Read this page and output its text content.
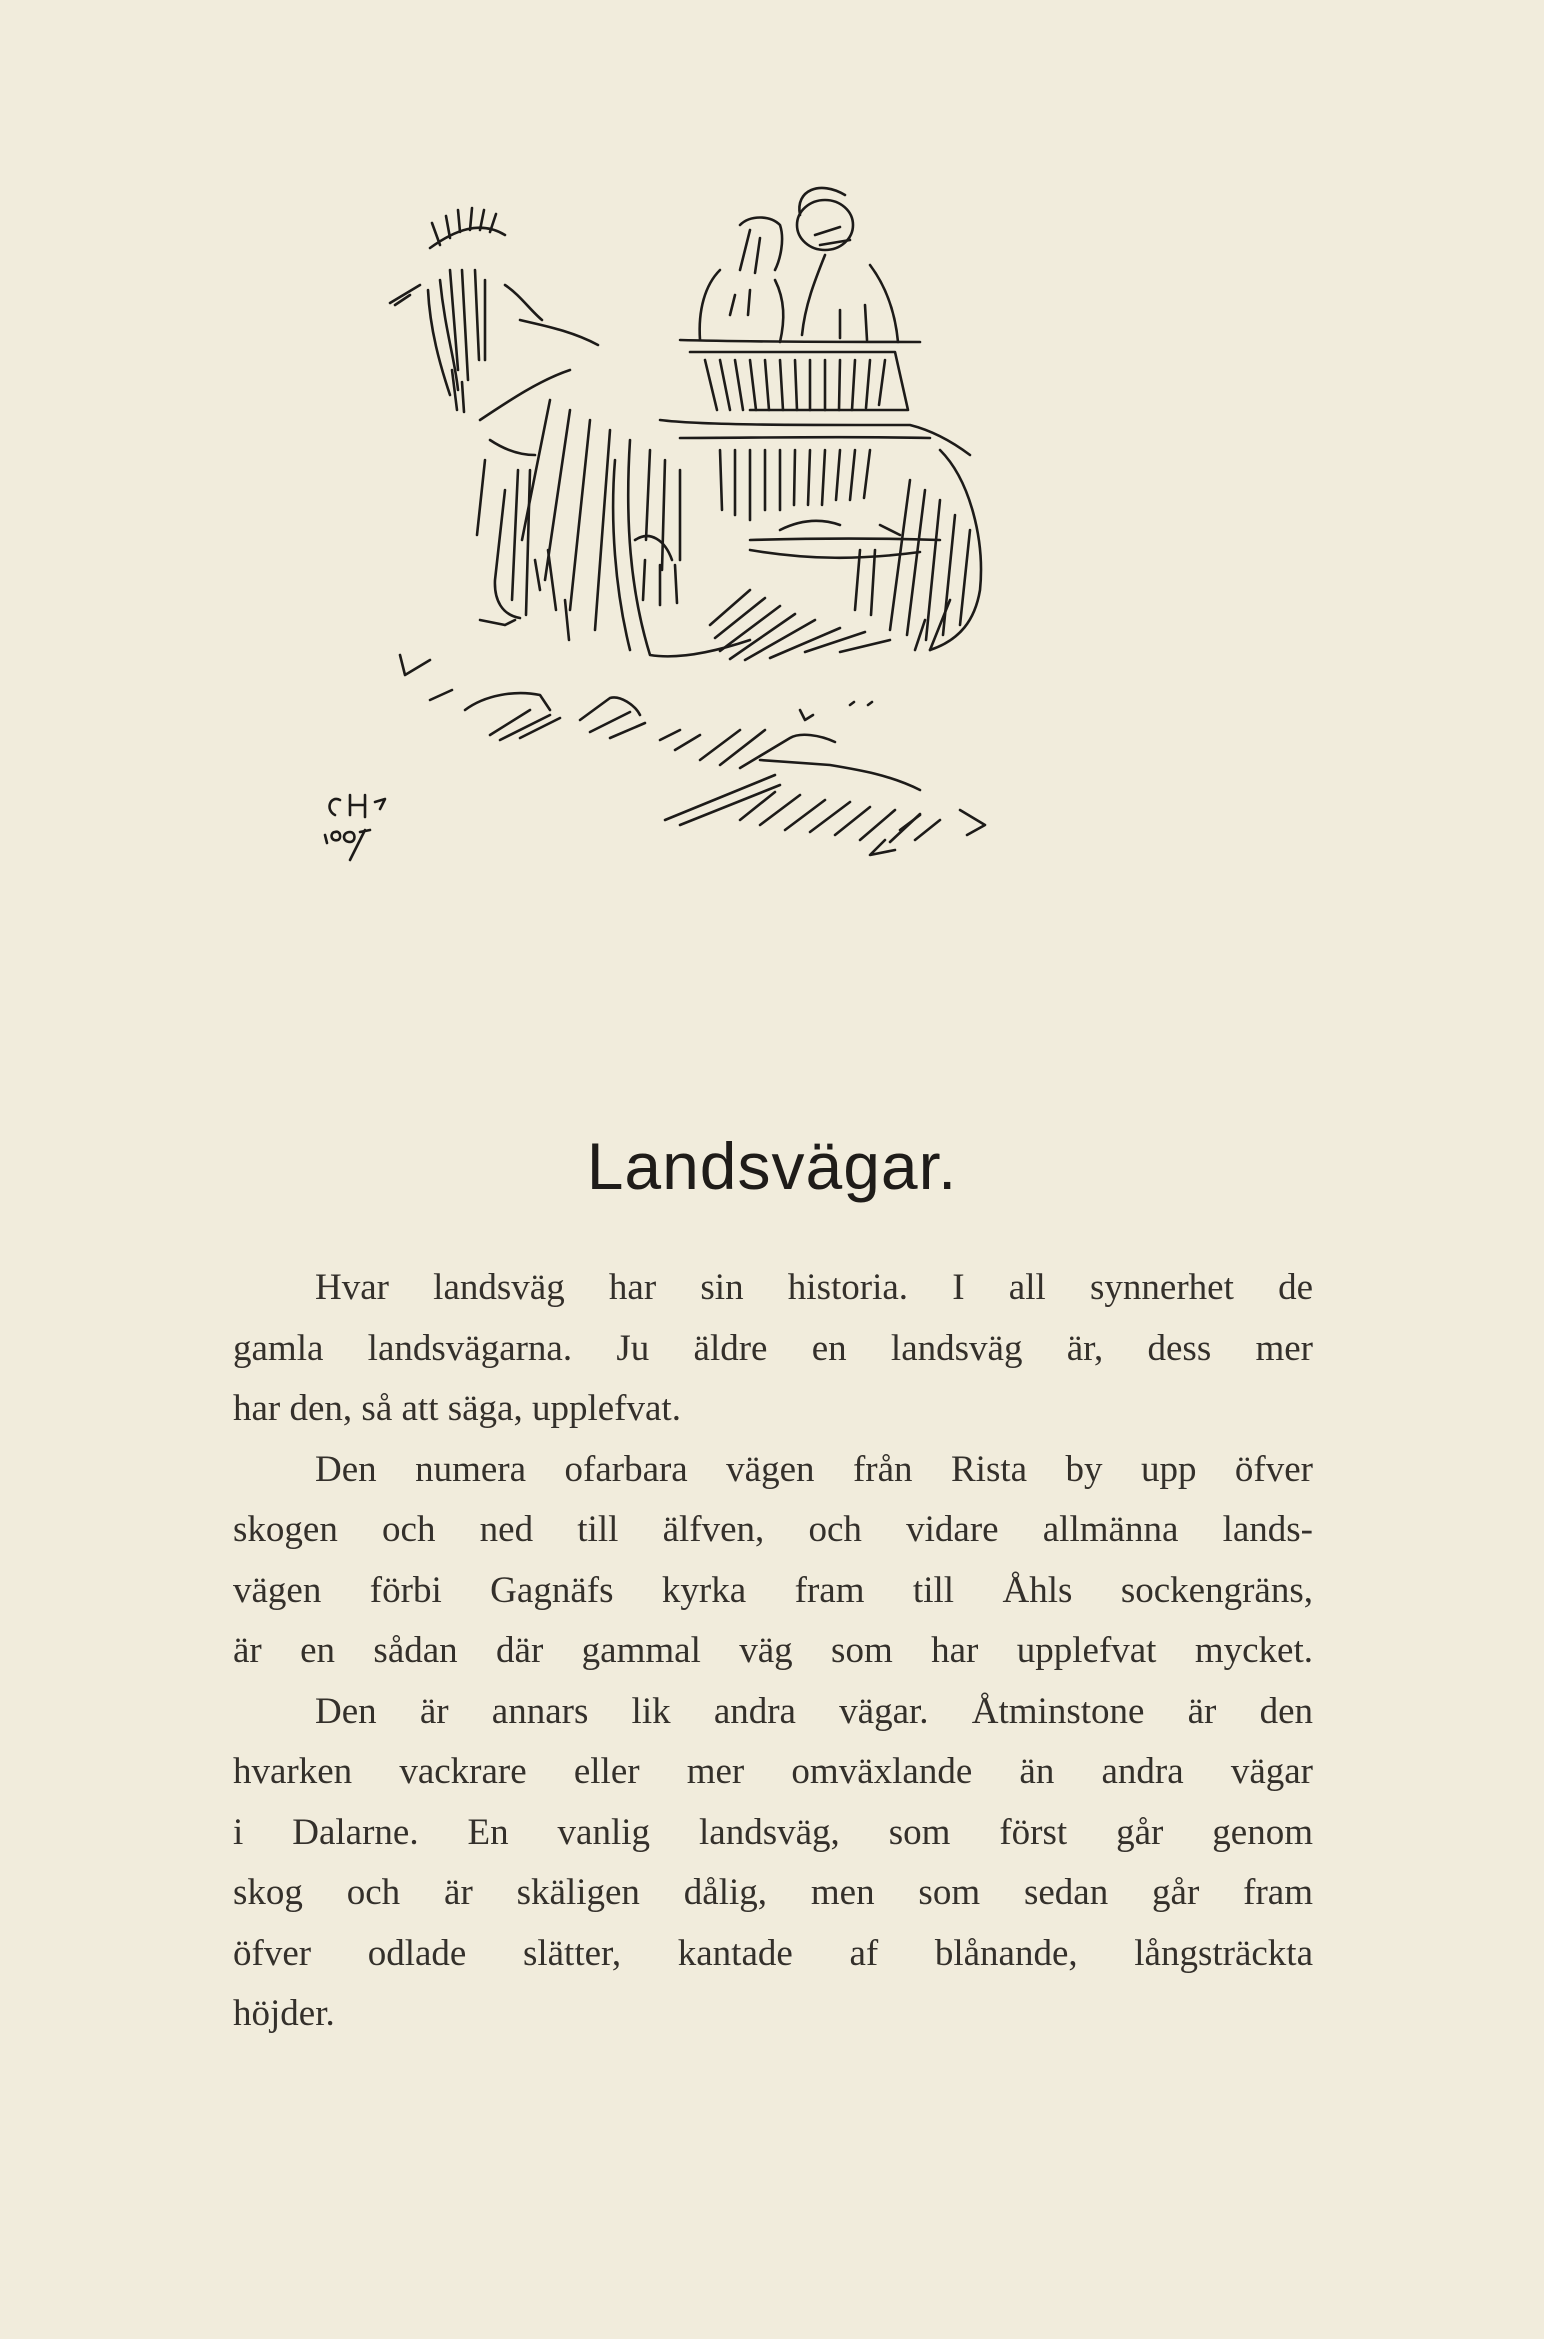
Landsvägar.
Hvar landsväg har sin historia. I all synnerhet de
gamla landsvägarna. Ju äldre en landsväg är, dess mer
har den, så att säga, upplefvat.
Den numera ofarbara vägen från Rista by upp öfver
skogen och ned till älfven, och vidare allmänna lands-
vägen förbi Gagnäfs kyrka fram till Åhls sockengräns,
är en sådan där gammal väg som har upplefvat mycket.
Den är annars lik andra vägar. Åtminstone är den
hvarken vackrare eller mer omväxlande än andra vägar
i Dalarne. En vanlig landsväg, som först går genom
skog och är skäligen dålig, men som sedan går fram
öfver odlade slätter, kantade af blånande, långsträckta
höjder.
